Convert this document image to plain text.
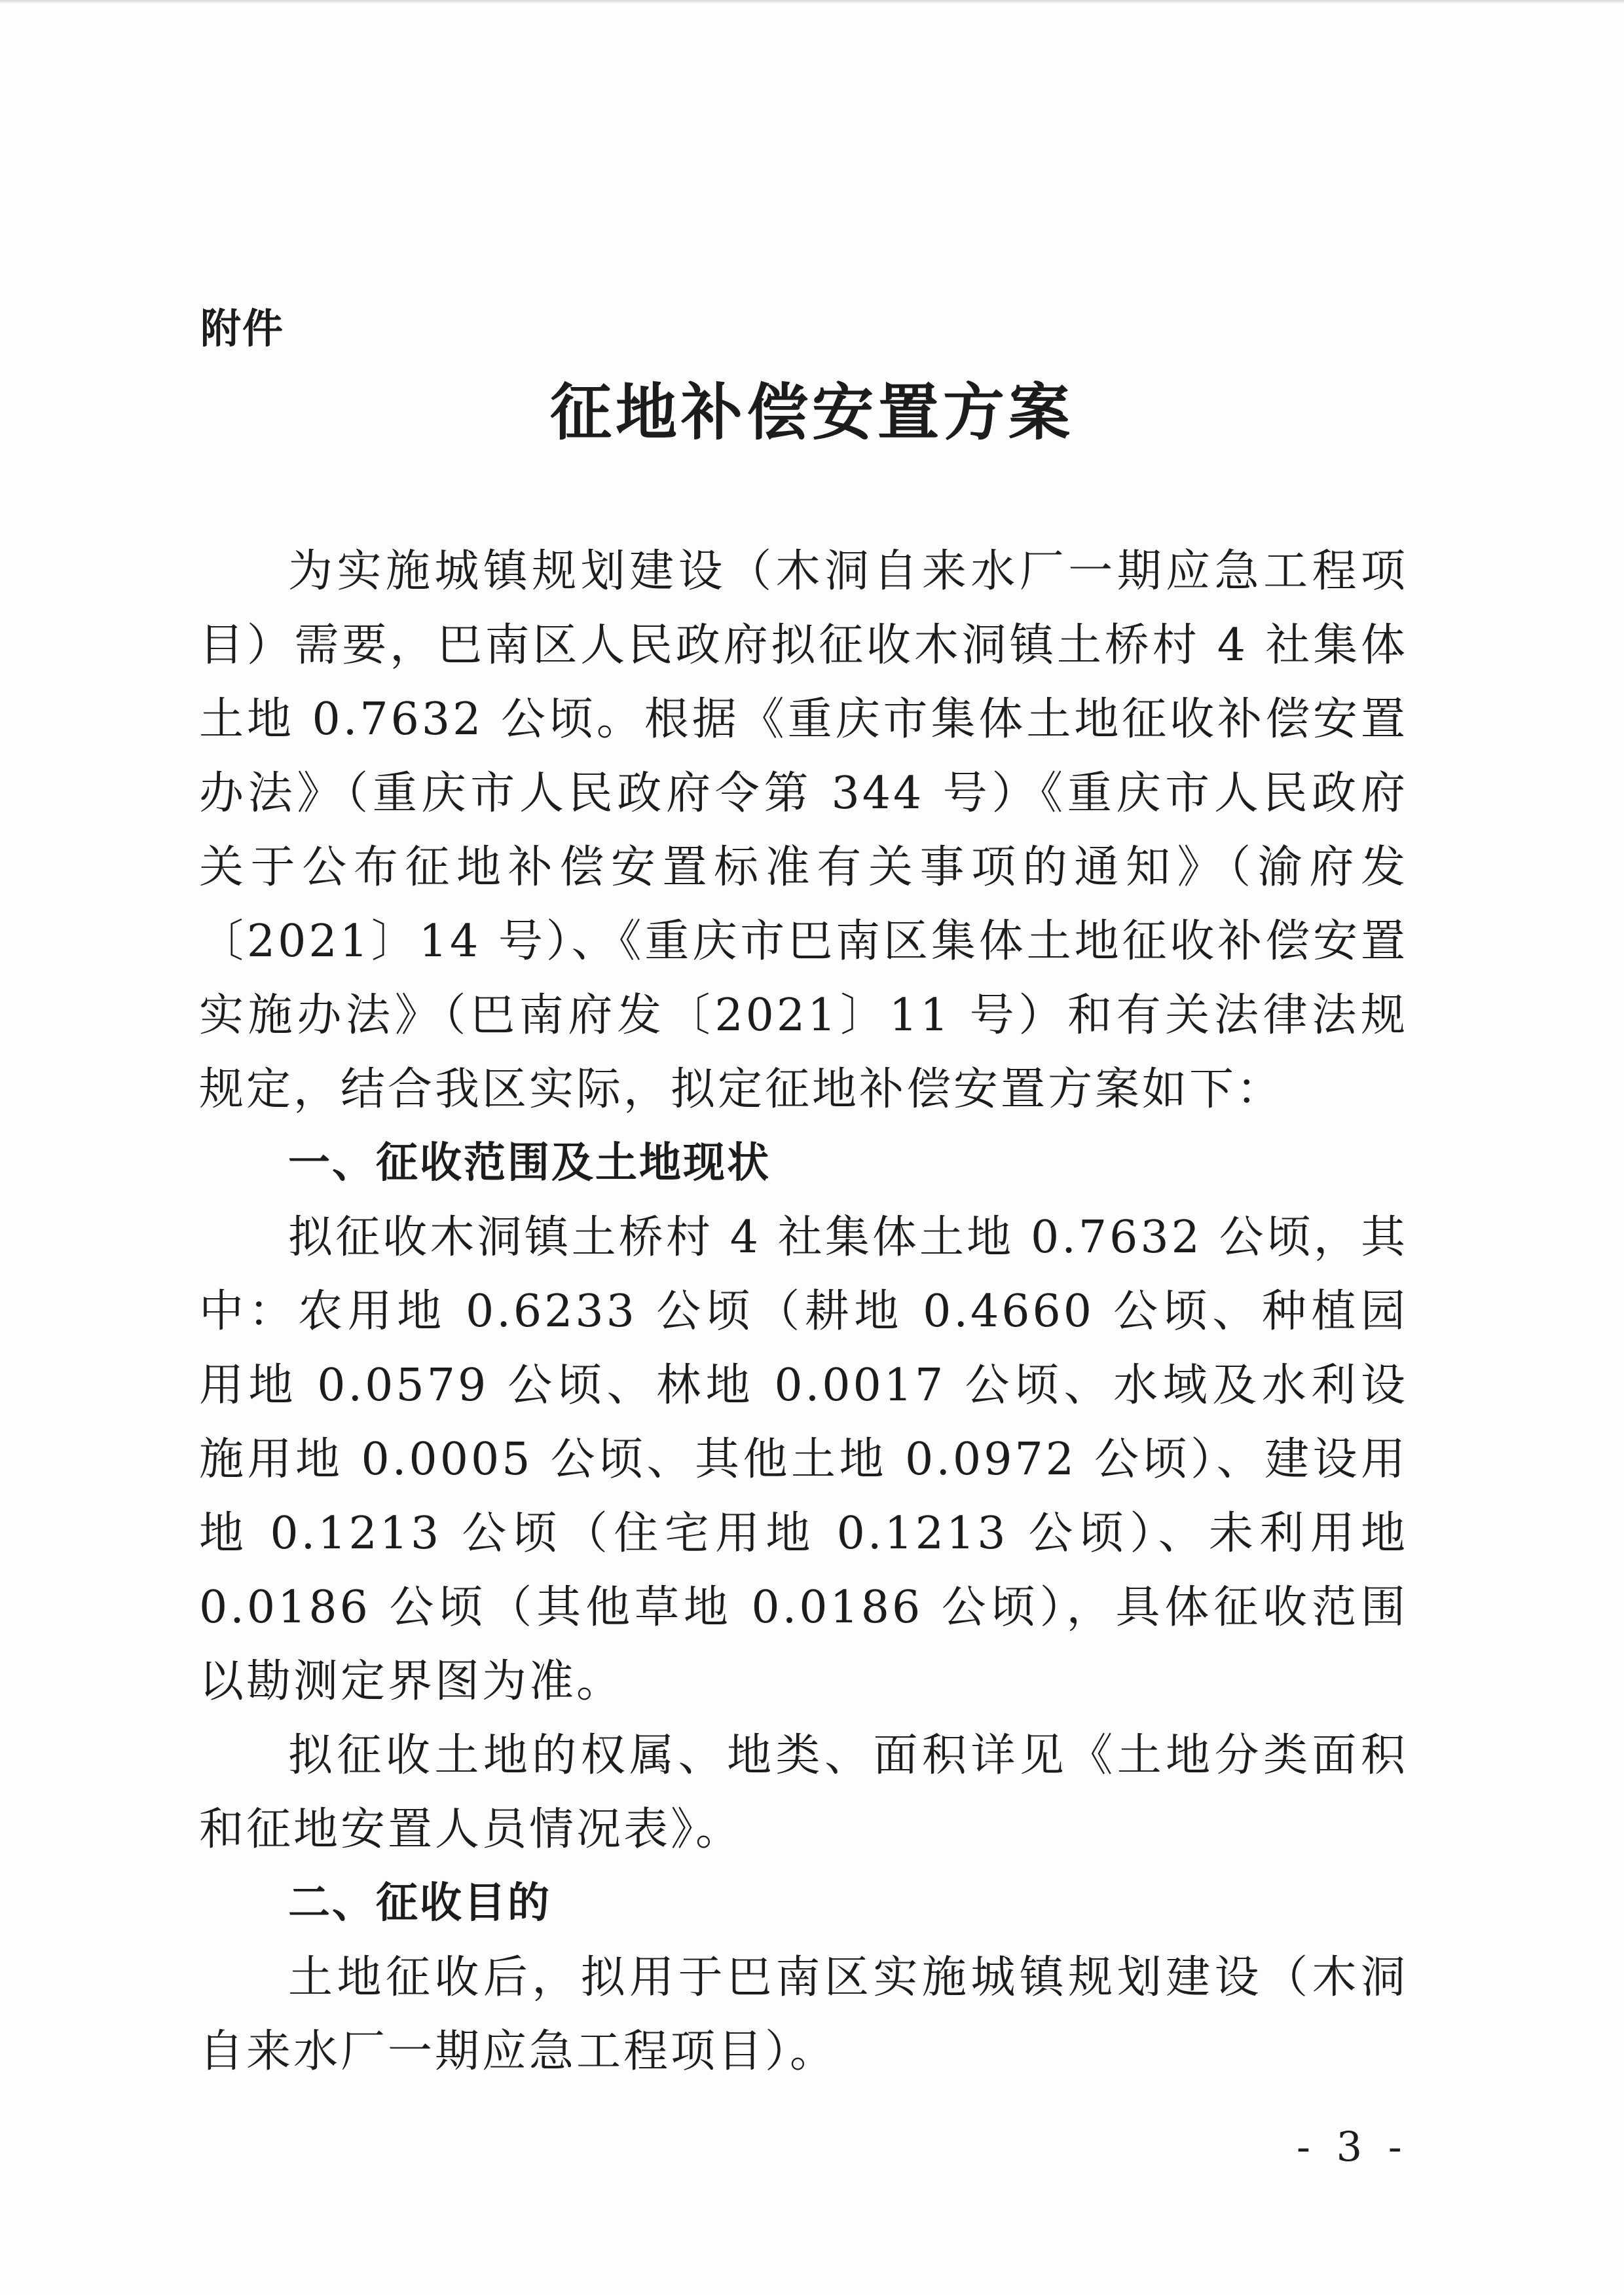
附件
征地补偿安置方案

为实施城镇规划建设（木洞自来水厂一期应急工程项目）需要，巴南区人民政府拟征收木洞镇土桥村 4 社集体土地 0.7632 公顷。根据《重庆市集体土地征收补偿安置办法》（重庆市人民政府令第 344 号）《重庆市人民政府关于公布征地补偿安置标准有关事项的通知》（渝府发〔2021〕14 号）、《重庆市巴南区集体土地征收补偿安置实施办法》（巴南府发〔2021〕11 号）和有关法律法规规定，结合我区实际，拟定征地补偿安置方案如下：

一、征收范围及土地现状

拟征收木洞镇土桥村 4 社集体土地 0.7632 公顷，其中：农用地 0.6233 公顷（耕地 0.4660 公顷、种植园用地 0.0579 公顷、林地 0.0017 公顷、水域及水利设施用地 0.0005 公顷、其他土地 0.0972 公顷）、建设用地 0.1213 公顷（住宅用地 0.1213 公顷）、未利用地 0.0186 公顷（其他草地 0.0186 公顷），具体征收范围以勘测定界图为准。

拟征收土地的权属、地类、面积详见《土地分类面积和征地安置人员情况表》。

二、征收目的

土地征收后，拟用于巴南区实施城镇规划建设（木洞自来水厂一期应急工程项目）。

- 3 -
